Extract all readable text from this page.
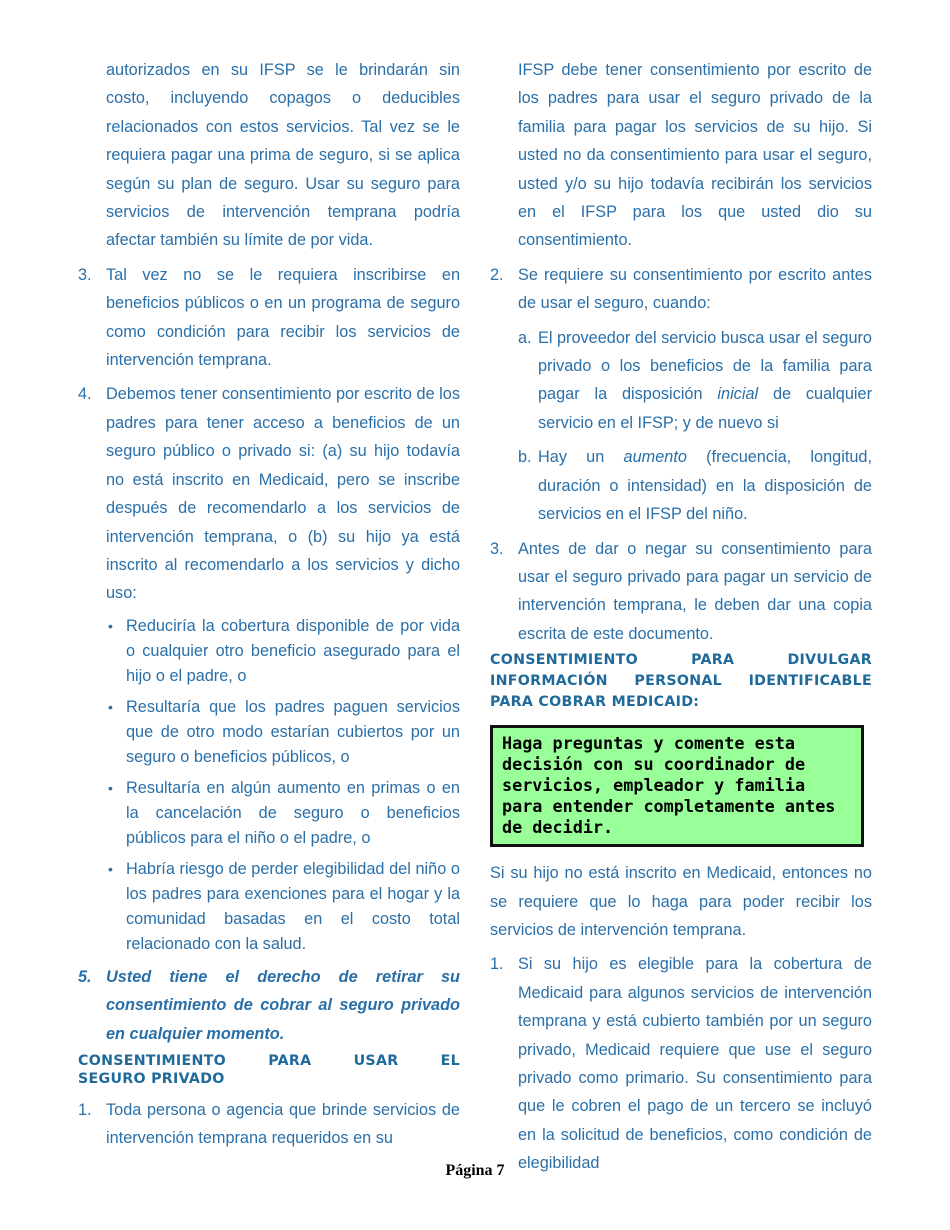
autorizados en su IFSP se le brindarán sin costo, incluyendo copagos o deducibles relacionados con estos servicios. Tal vez se le requiera pagar una prima de seguro, si se aplica según su plan de seguro. Usar su seguro para servicios de intervención temprana podría afectar también su límite de por vida.

3. Tal vez no se le requiera inscribirse en beneficios públicos o en un programa de seguro como condición para recibir los servicios de intervención temprana.

4. Debemos tener consentimiento por escrito de los padres para tener acceso a beneficios de un seguro público o privado si: (a) su hijo todavía no está inscrito en Medicaid, pero se inscribe después de recomendarlo a los servicios de intervención temprana, o (b) su hijo ya está inscrito al recomendarlo a los servicios y dicho uso:

• Reduciría la cobertura disponible de por vida o cualquier otro beneficio asegurado para el hijo o el padre, o

• Resultaría que los padres paguen servicios que de otro modo estarían cubiertos por un seguro o beneficios públicos, o

• Resultaría en algún aumento en primas o en la cancelación de seguro o beneficios públicos para el niño o el padre, o

• Habría riesgo de perder elegibilidad del niño o los padres para exenciones para el hogar y la comunidad basadas en el costo total relacionado con la salud.

5. Usted tiene el derecho de retirar su consentimiento de cobrar al seguro privado en cualquier momento.

CONSENTIMIENTO PARA USAR EL
SEGURO PRIVADO
1. Toda persona o agencia que brinde servicios de intervención temprana requeridos en su

IFSP debe tener consentimiento por escrito de los padres para usar el seguro privado de la familia para pagar los servicios de su hijo. Si usted no da consentimiento para usar el seguro, usted y/o su hijo todavía recibirán los servicios en el IFSP para los que usted dio su consentimiento.

2. Se requiere su consentimiento por escrito antes de usar el seguro, cuando:

a. El proveedor del servicio busca usar el seguro privado o los beneficios de la familia para pagar la disposición inicial de cualquier servicio en el IFSP; y de nuevo si

b. Hay un aumento (frecuencia, longitud, duración o intensidad) en la disposición de servicios en el IFSP del niño.

3. Antes de dar o negar su consentimiento para usar el seguro privado para pagar un servicio de intervención temprana, le deben dar una copia escrita de este documento.

CONSENTIMIENTO PARA DIVULGAR
INFORMACIÓN PERSONAL IDENTIFICABLE
PARA COBRAR MEDICAID:

Haga preguntas y comente esta decisión con su coordinador de servicios, empleador y familia para entender completamente antes de decidir.

Si su hijo no está inscrito en Medicaid, entonces no se requiere que lo haga para poder recibir los servicios de intervención temprana.

1. Si su hijo es elegible para la cobertura de Medicaid para algunos servicios de intervención temprana y está cubierto también por un seguro privado, Medicaid requiere que use el seguro privado como primario. Su consentimiento para que le cobren el pago de un tercero se incluyó en la solicitud de beneficios, como condición de elegibilidad

Página 7
